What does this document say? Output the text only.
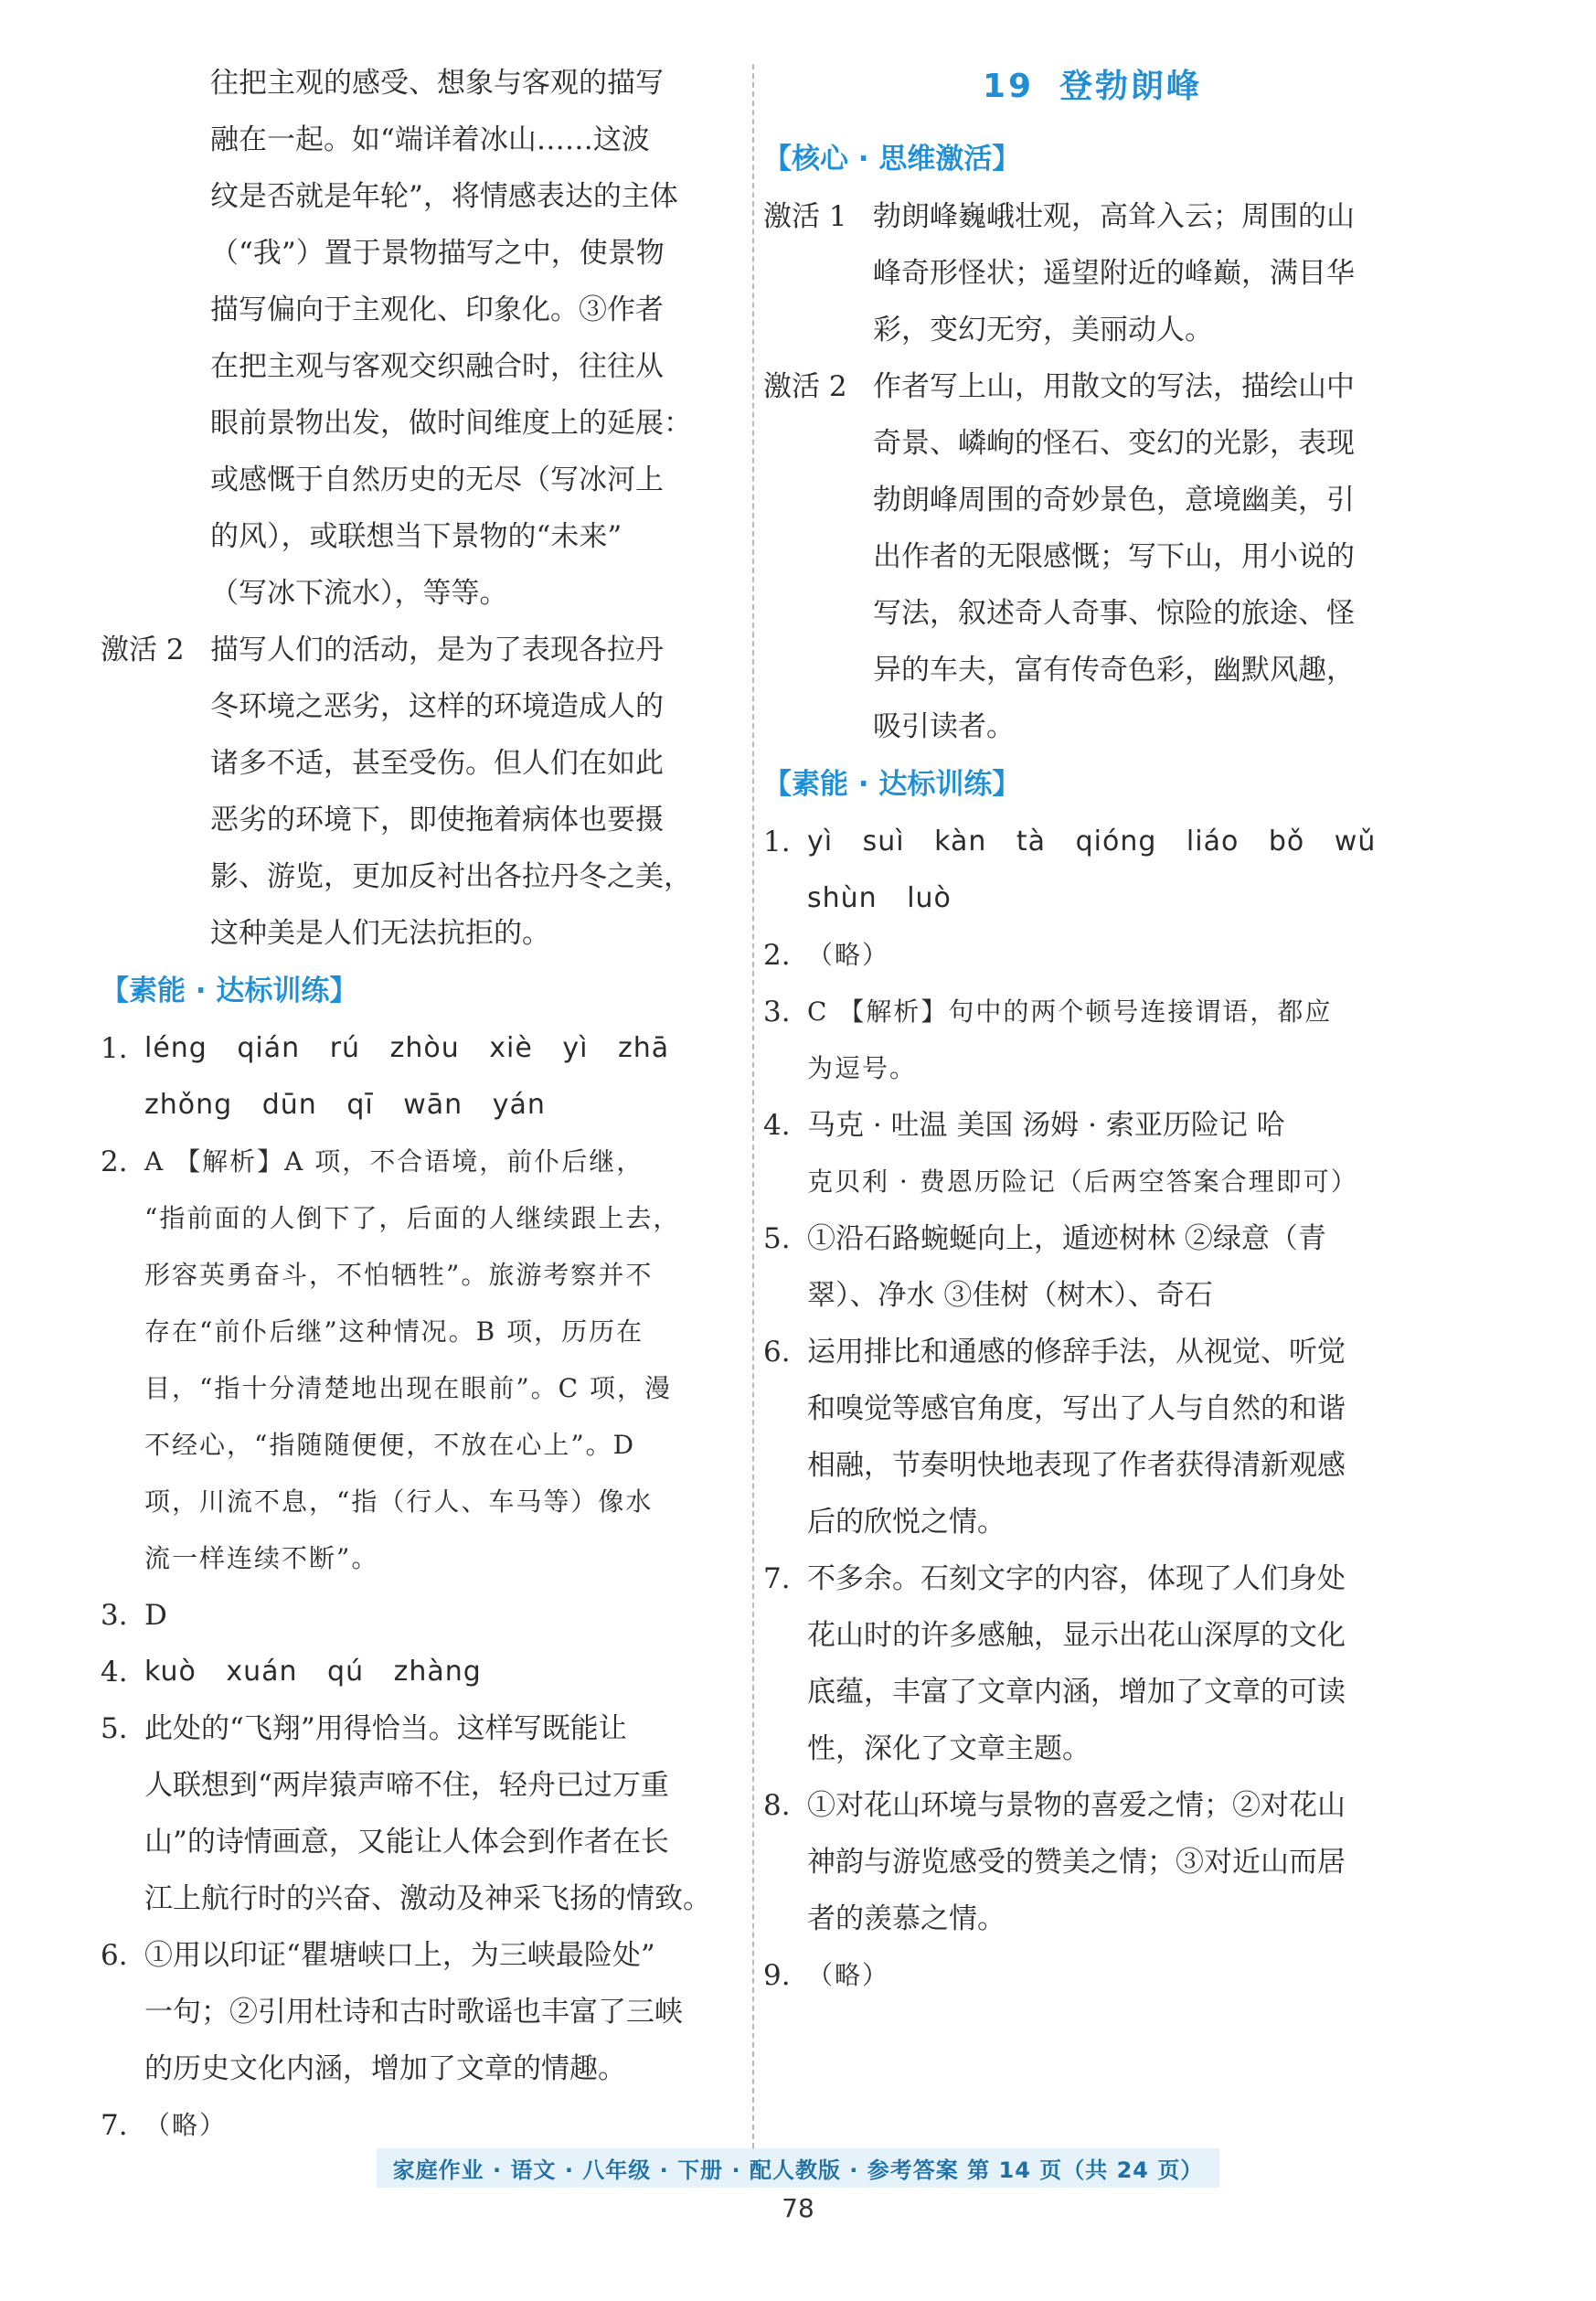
往把主观的感受、想象与客观的描写
融在一起。如“端详着冰山……这波
纹是否就是年轮”，将情感表达的主体
（“我”）置于景物描写之中，使景物
描写偏向于主观化、印象化。③作者
在把主观与客观交织融合时，往往从
眼前景物出发，做时间维度上的延展：
或感慨于自然历史的无尽（写冰河上
的风），或联想当下景物的“未来”
（写冰下流水），等等。
激活 2 描写人们的活动，是为了表现各拉丹
冬环境之恶劣，这样的环境造成人的
诸多不适，甚至受伤。但人们在如此
恶劣的环境下，即使拖着病体也要摄
影、游览，更加反衬出各拉丹冬之美，
这种美是人们无法抗拒的。
【素能 · 达标训练】
1. léng qián rú zhòu xiè yì zhā
zhǒng dūn qī wān yán
2. A 【解析】A 项，不合语境，前仆后继，
“指前面的人倒下了，后面的人继续跟上去，
形容英勇奋斗，不怕牺牲”。旅游考察并不
存在“前仆后继”这种情况。B 项，历历在
目，“指十分清楚地出现在眼前”。C 项，漫
不经心，“指随随便便，不放在心上”。D
项，川流不息，“指（行人、车马等）像水
流一样连续不断”。
3. D
4. kuò xuán qú zhàng
5. 此处的“飞翔”用得恰当。这样写既能让
人联想到“两岸猿声啼不住，轻舟已过万重
山”的诗情画意，又能让人体会到作者在长
江上航行时的兴奋、激动及神采飞扬的情致。
6. ①用以印证“瞿塘峡口上，为三峡最险处”
一句；②引用杜诗和古时歌谣也丰富了三峡
的历史文化内涵，增加了文章的情趣。
7. （略）
19 登勃朗峰
【核心 · 思维激活】
激活 1 勃朗峰巍峨壮观，高耸入云；周围的山
峰奇形怪状；遥望附近的峰巅，满目华
彩，变幻无穷，美丽动人。
激活 2 作者写上山，用散文的写法，描绘山中
奇景、嶙峋的怪石、变幻的光影，表现
勃朗峰周围的奇妙景色，意境幽美，引
出作者的无限感慨；写下山，用小说的
写法，叙述奇人奇事、惊险的旅途、怪
异的车夫，富有传奇色彩，幽默风趣，
吸引读者。
【素能 · 达标训练】
1. yì suì kàn tà qióng liáo bǒ wǔ
shùn luò
2. （略）
3. C 【解析】句中的两个顿号连接谓语，都应
为逗号。
4. 马克 · 吐温 美国 汤姆 · 索亚历险记 哈
克贝利 · 费恩历险记（后两空答案合理即可）
5. ①沿石路蜿蜒向上，遁迹树林 ②绿意（青
翠）、净水 ③佳树（树木）、奇石
6. 运用排比和通感的修辞手法，从视觉、听觉
和嗅觉等感官角度，写出了人与自然的和谐
相融，节奏明快地表现了作者获得清新观感
后的欣悦之情。
7. 不多余。石刻文字的内容，体现了人们身处
花山时的许多感触，显示出花山深厚的文化
底蕴，丰富了文章内涵，增加了文章的可读
性，深化了文章主题。
8. ①对花山环境与景物的喜爱之情；②对花山
神韵与游览感受的赞美之情；③对近山而居
者的羡慕之情。
9. （略）
家庭作业 · 语文 · 八年级 · 下册 · 配人教版 · 参考答案 第 14 页（共 24 页）
78
